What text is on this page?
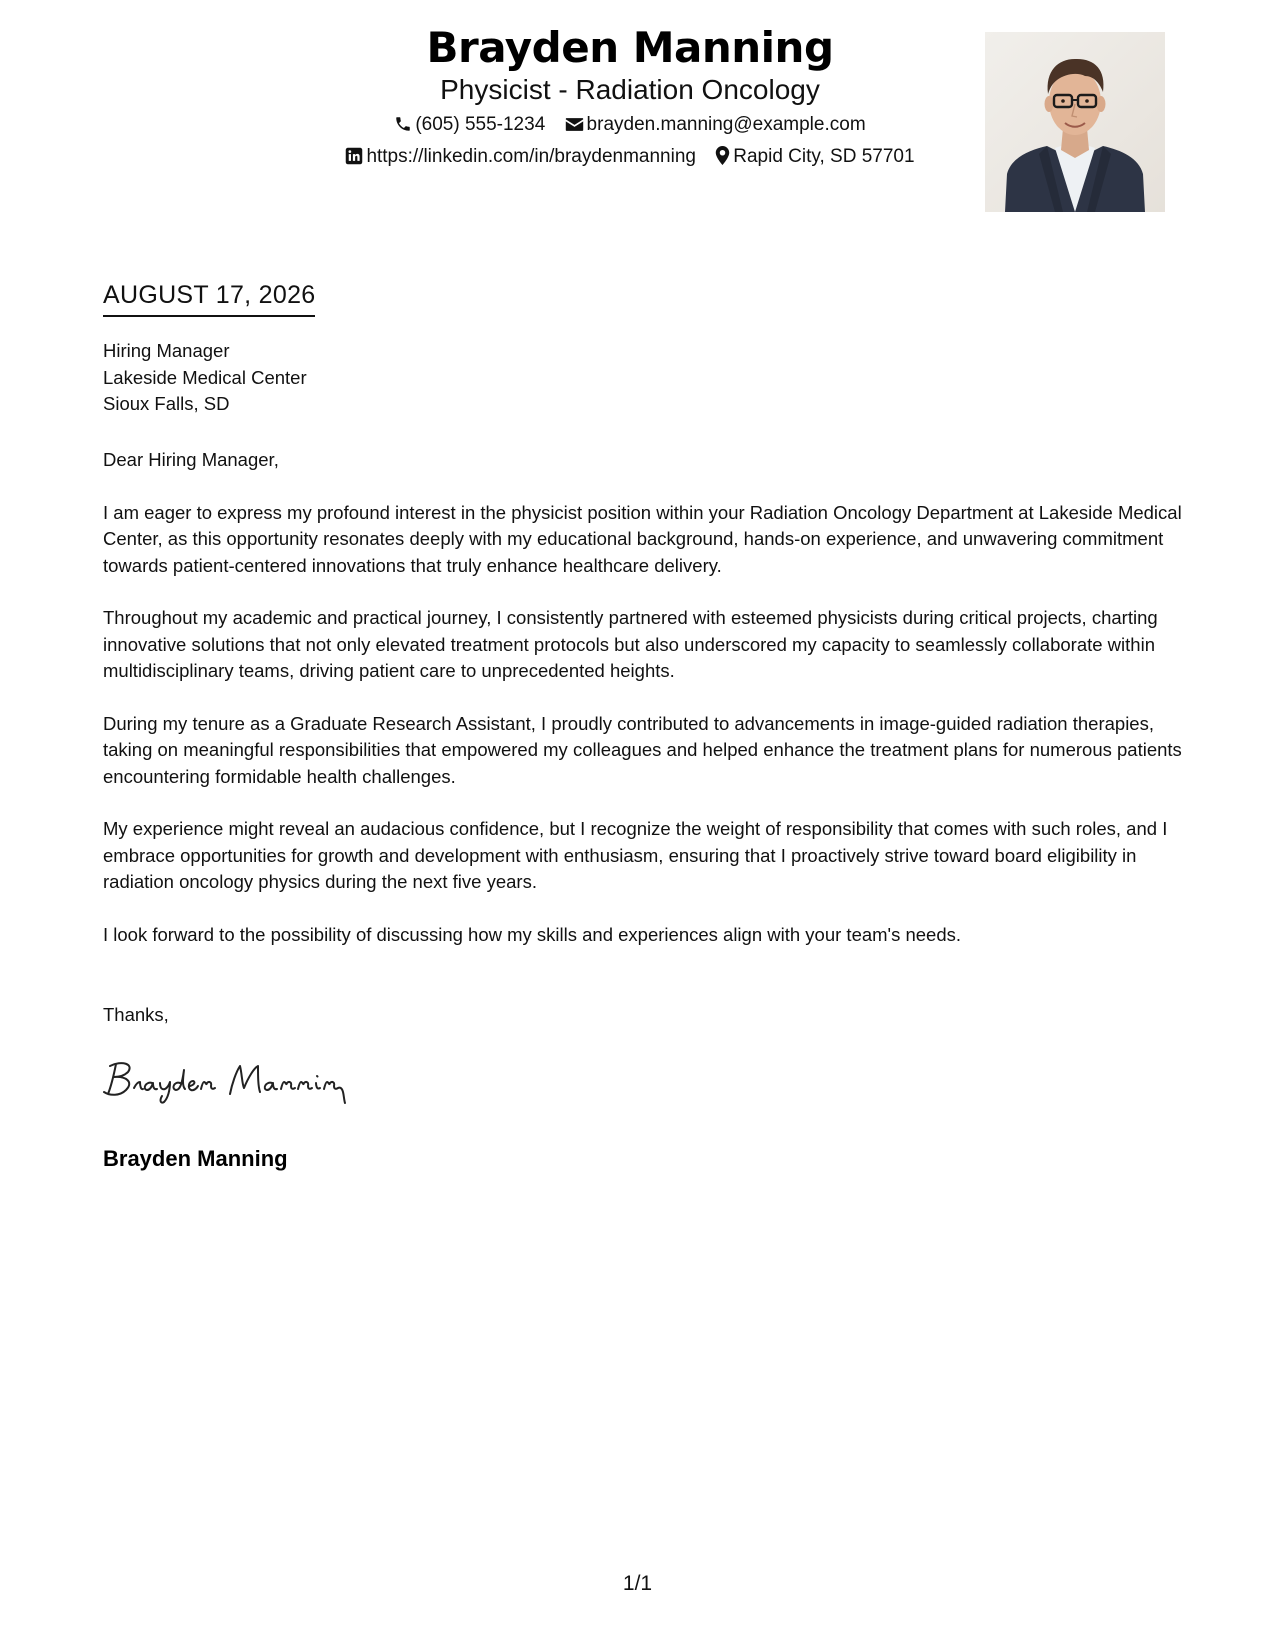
Brayden Manning
Physicist - Radiation Oncology
(605) 555-1234 brayden.manning@example.com
https://linkedin.com/in/braydenmanning Rapid City, SD 57701
AUGUST 17, 2026
Hiring Manager
Lakeside Medical Center
Sioux Falls, SD

Dear Hiring Manager,

I am eager to express my profound interest in the physicist position within your Radiation Oncology Department at Lakeside Medical Center, as this opportunity resonates deeply with my educational background, hands-on experience, and unwavering commitment towards patient-centered innovations that truly enhance healthcare delivery.

Throughout my academic and practical journey, I consistently partnered with esteemed physicists during critical projects, charting innovative solutions that not only elevated treatment protocols but also underscored my capacity to seamlessly collaborate within multidisciplinary teams, driving patient care to unprecedented heights.

During my tenure as a Graduate Research Assistant, I proudly contributed to advancements in image-guided radiation therapies, taking on meaningful responsibilities that empowered my colleagues and helped enhance the treatment plans for numerous patients encountering formidable health challenges.

My experience might reveal an audacious confidence, but I recognize the weight of responsibility that comes with such roles, and I embrace opportunities for growth and development with enthusiasm, ensuring that I proactively strive toward board eligibility in radiation oncology physics during the next five years.

I look forward to the possibility of discussing how my skills and experiences align with your team's needs.

Thanks,
Brayden Manning
1/1
